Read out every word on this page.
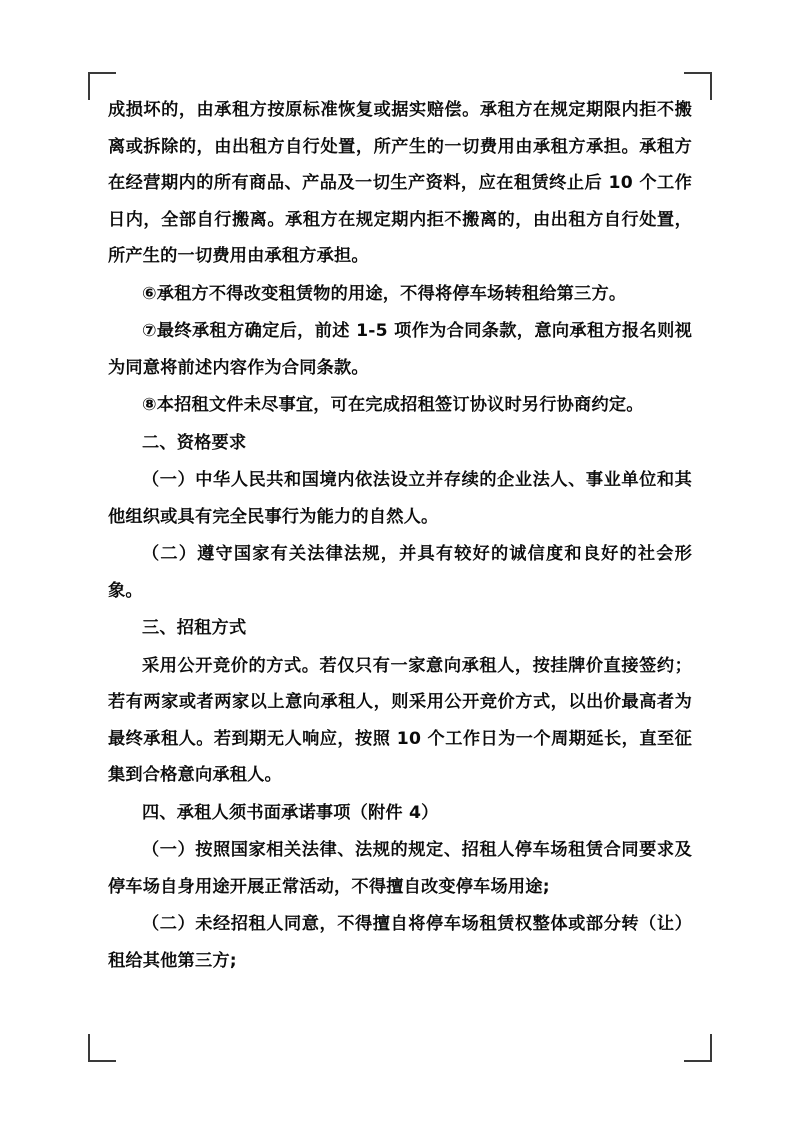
成损坏的，由承租方按原标准恢复或据实赔偿。承租方在规定期限内拒不搬离或拆除的，由出租方自行处置，所产生的一切费用由承租方承担。承租方在经营期内的所有商品、产品及一切生产资料，应在租赁终止后 10 个工作日内，全部自行搬离。承租方在规定期内拒不搬离的，由出租方自行处置，所产生的一切费用由承租方承担。

⑥承租方不得改变租赁物的用途，不得将停车场转租给第三方。

⑦最终承租方确定后，前述 1-5 项作为合同条款，意向承租方报名则视为同意将前述内容作为合同条款。

⑧本招租文件未尽事宜，可在完成招租签订协议时另行协商约定。

二、资格要求

（一）中华人民共和国境内依法设立并存续的企业法人、事业单位和其他组织或具有完全民事行为能力的自然人。

（二）遵守国家有关法律法规，并具有较好的诚信度和良好的社会形象。

三、招租方式

采用公开竞价的方式。若仅只有一家意向承租人，按挂牌价直接签约；若有两家或者两家以上意向承租人，则采用公开竞价方式，以出价最高者为最终承租人。若到期无人响应，按照 10 个工作日为一个周期延长，直至征集到合格意向承租人。

四、承租人须书面承诺事项（附件 4）

（一）按照国家相关法律、法规的规定、招租人停车场租赁合同要求及停车场自身用途开展正常活动，不得擅自改变停车场用途;

（二）未经招租人同意，不得擅自将停车场租赁权整体或部分转（让）租给其他第三方;
